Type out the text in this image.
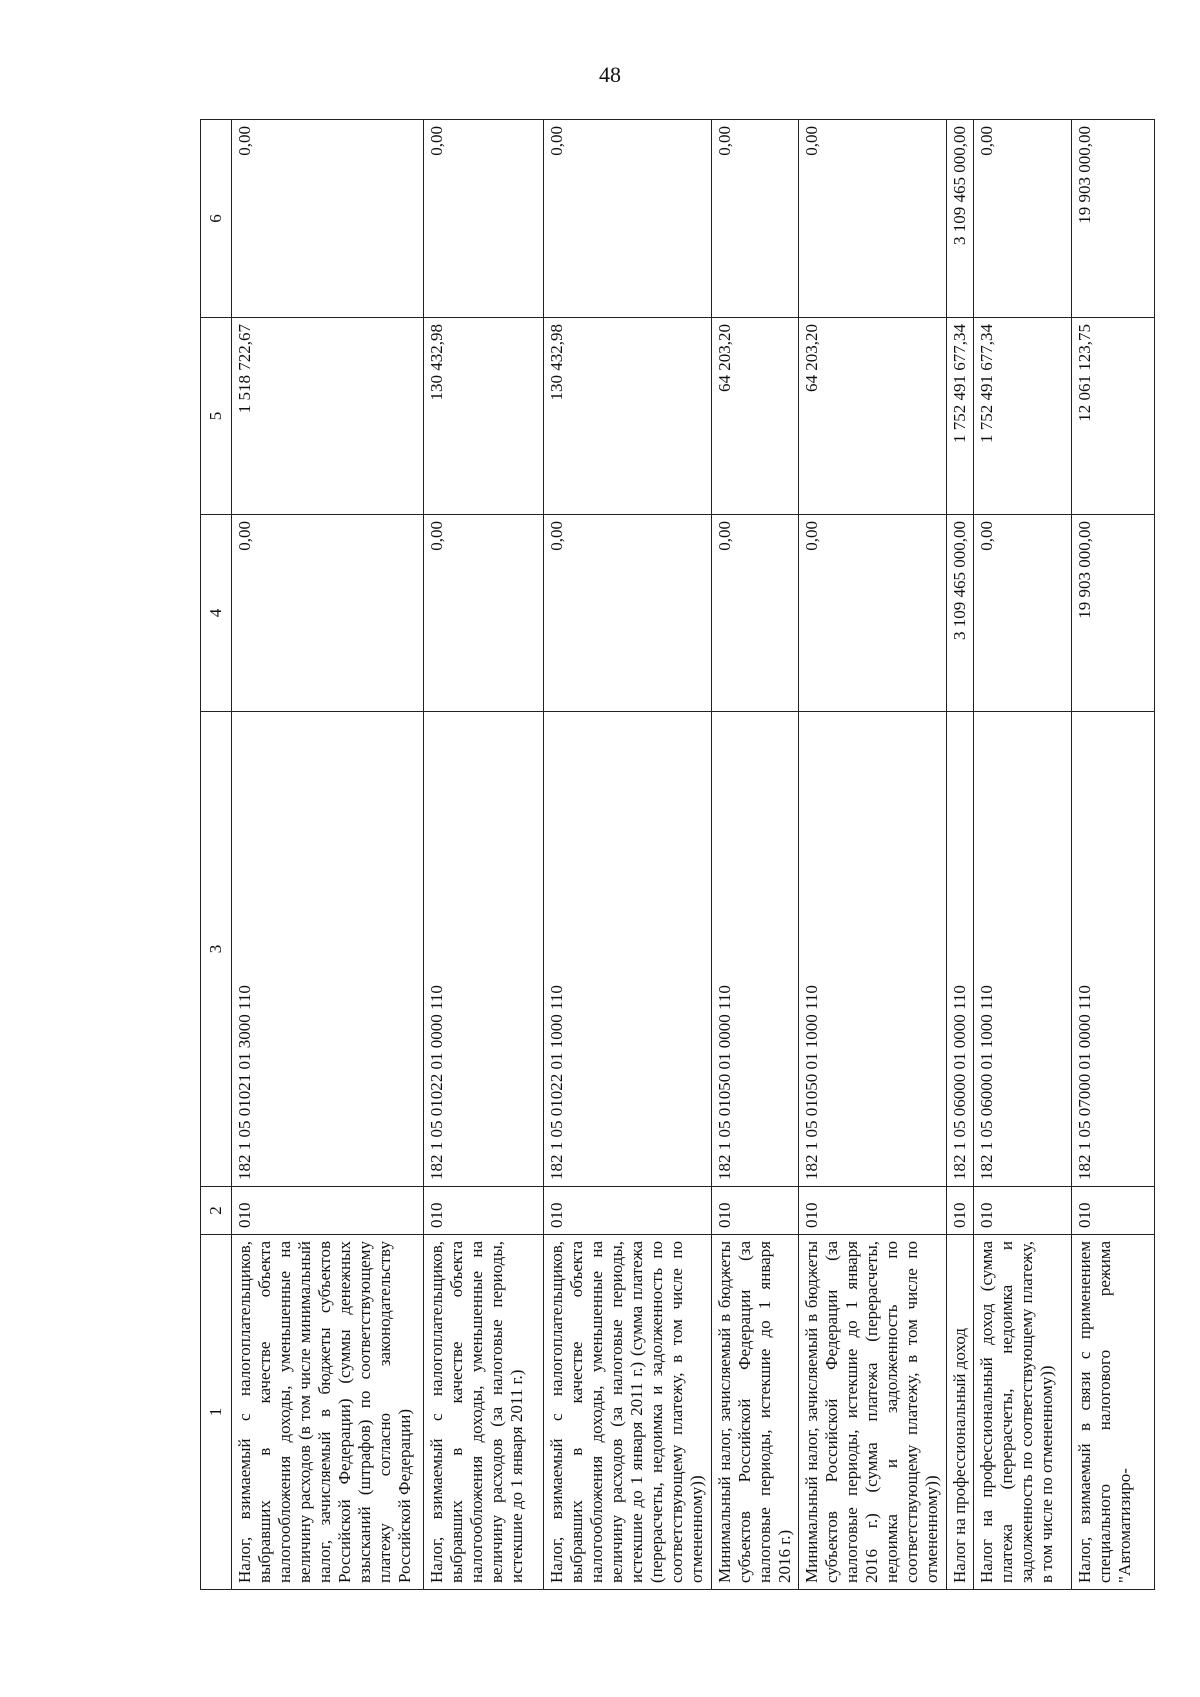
48
1	2	3	4	5	6
Налог, взимаемый с налогоплательщиков, выбравших в качестве объекта налогообложения доходы, уменьшенные на величину расходов (в том числе минимальный налог, зачисляемый в бюджеты субъектов Российской Федерации) (суммы денежных взысканий (штрафов) по соответствующему платежу согласно законодательству Российской Федерации)	010	182 1 05 01021 01 3000 110	0,00	1 518 722,67	0,00
Налог, взимаемый с налогоплательщиков, выбравших в качестве объекта налогообложения доходы, уменьшенные на величину расходов (за налоговые периоды, истекшие до 1 января 2011 г.)	010	182 1 05 01022 01 0000 110	0,00	130 432,98	0,00
Налог, взимаемый с налогоплательщиков, выбравших в качестве объекта налогообложения доходы, уменьшенные на величину расходов (за налоговые периоды, истекшие до 1 января 2011 г.) (сумма платежа (перерасчеты, недоимка и задолженность по соответствующему платежу, в том числе по отмененному))	010	182 1 05 01022 01 1000 110	0,00	130 432,98	0,00
Минимальный налог, зачисляемый в бюджеты субъектов Российской Федерации (за налоговые периоды, истекшие до 1 января 2016 г.)	010	182 1 05 01050 01 0000 110	0,00	64 203,20	0,00
Минимальный налог, зачисляемый в бюджеты субъектов Российской Федерации (за налоговые периоды, истекшие до 1 января 2016 г.) (сумма платежа (перерасчеты, недоимка и задолженность по соответствующему платежу, в том числе по отмененному))	010	182 1 05 01050 01 1000 110	0,00	64 203,20	0,00
Налог на профессиональный доход	010	182 1 05 06000 01 0000 110	3 109 465 000,00	1 752 491 677,34	3 109 465 000,00
Налог на профессиональный доход (сумма платежа (перерасчеты, недоимка и задолженность по соответствующему платежу, в том числе по отмененному))	010	182 1 05 06000 01 1000 110	0,00	1 752 491 677,34	0,00
Налог, взимаемый в связи с применением специального налогового режима "Автоматизиро-	010	182 1 05 07000 01 0000 110	19 903 000,00	12 061 123,75	19 903 000,00
